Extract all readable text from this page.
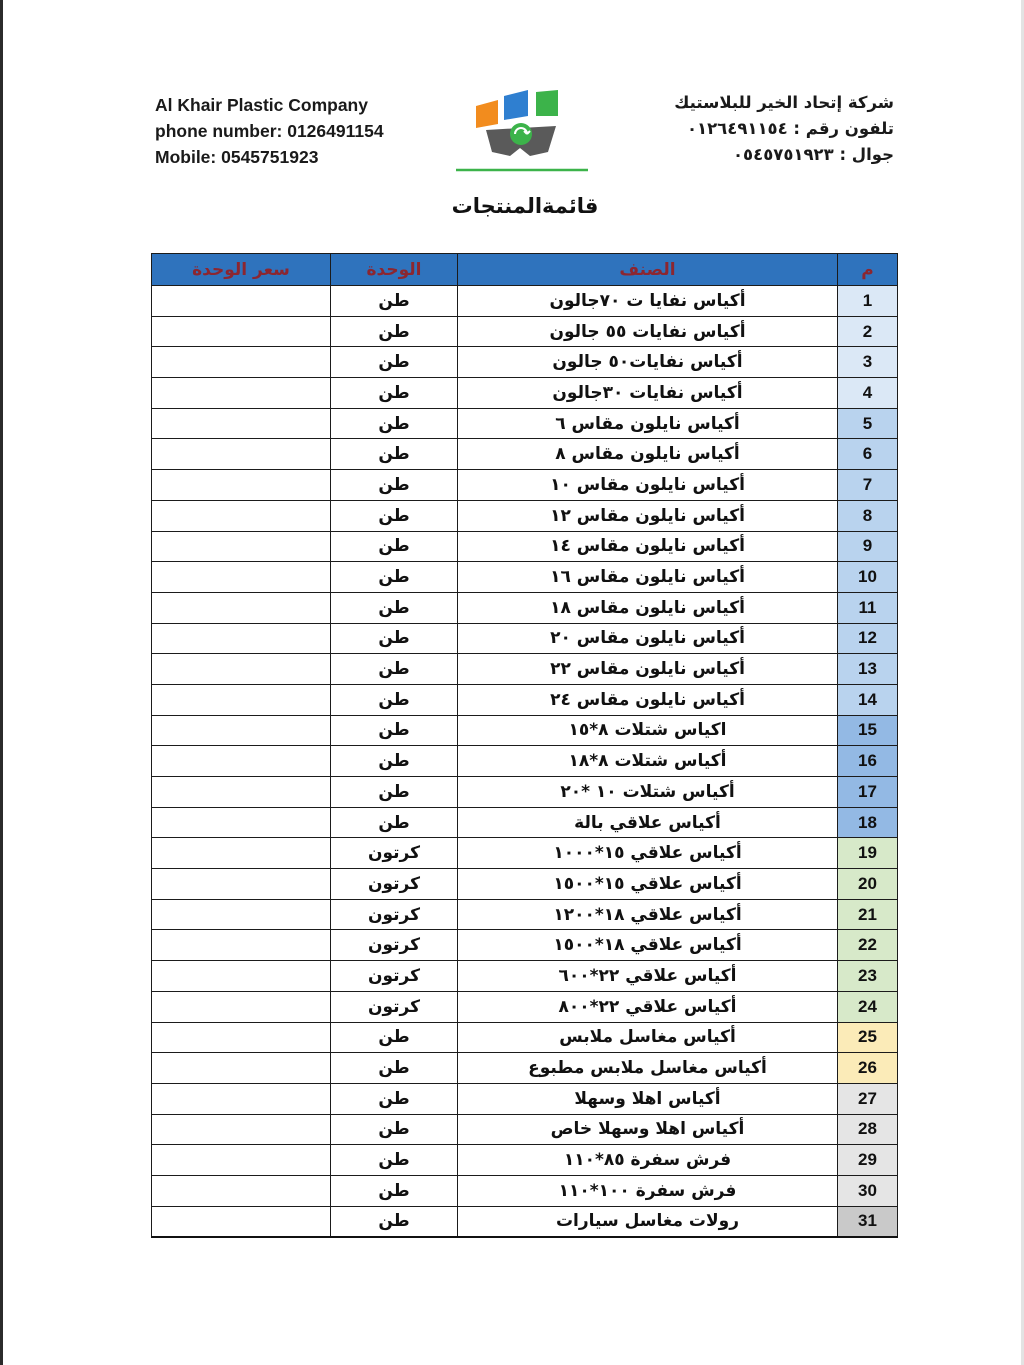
Al Khair Plastic Company
phone number: 0126491154
Mobile: 0545751923
شركة إتحاد الخير للبلاستيك
تلفون رقم : ٠١٢٦٤٩١١٥٤
جوال : ٠٥٤٥٧٥١٩٢٣
قائمةالمنتجات
م	الصنف	الوحدة	سعر الوحدة
1	أكياس نفايا ت ٧٠جالون	طن	
2	أكياس نفايات ٥٥ جالون	طن	
3	أكياس نفايات٥٠ جالون	طن	
4	أكياس نفايات ٣٠جالون	طن	
5	أكياس نايلون مقاس ٦	طن	
6	أكياس نايلون مقاس ٨	طن	
7	أكياس نايلون مقاس ١٠	طن	
8	أكياس نايلون مقاس ١٢	طن	
9	أكياس نايلون مقاس ١٤	طن	
10	أكياس نايلون مقاس ١٦	طن	
11	أكياس نايلون مقاس ١٨	طن	
12	أكياس نايلون مقاس ٢٠	طن	
13	أكياس نايلون مقاس ٢٢	طن	
14	أكياس نايلون مقاس ٢٤	طن	
15	اكياس شتلات ٨*١٥	طن	
16	أكياس شتلات ٨*١٨	طن	
17	أكياس شتلات ١٠ *٢٠	طن	
18	أكياس علاقي بالة	طن	
19	أكياس علاقي ١٥*١٠٠٠	كرتون	
20	أكياس علاقي ١٥*١٥٠٠	كرتون	
21	أكياس علاقي ١٨*١٢٠٠	كرتون	
22	أكياس علاقي ١٨*١٥٠٠	كرتون	
23	أكياس علاقي ٢٢*٦٠٠	كرتون	
24	أكياس علاقي ٢٢*٨٠٠	كرتون	
25	أكياس مغاسل ملابس	طن	
26	أكياس مغاسل ملابس مطبوع	طن	
27	أكياس اهلا وسهلا	طن	
28	أكياس اهلا وسهلا خاص	طن	
29	فرش سفرة ٨٥*١١٠	طن	
30	فرش سفرة ١٠٠*١١٠	طن	
31	رولات مغاسل سيارات	طن	
